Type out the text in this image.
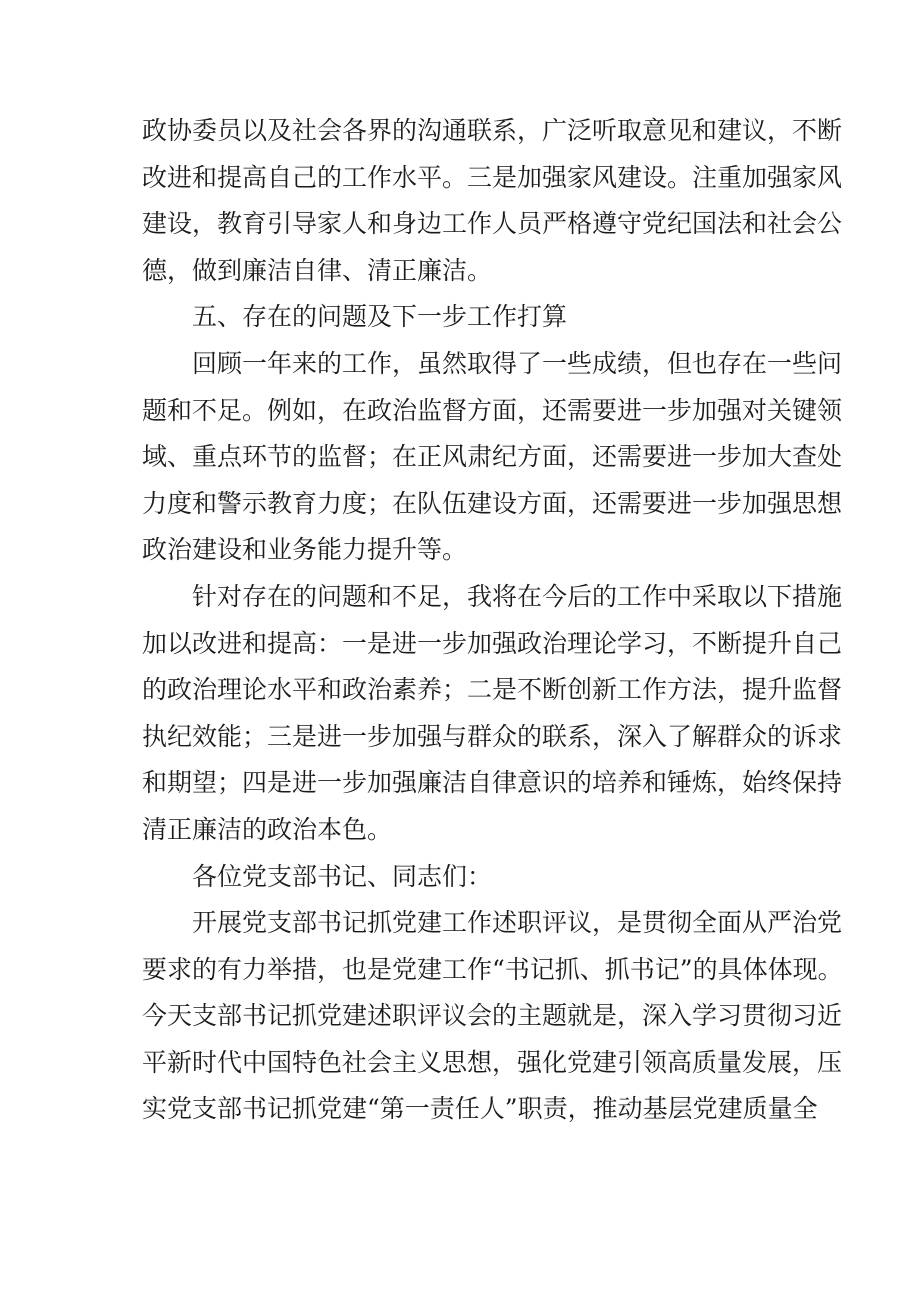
政协委员以及社会各界的沟通联系，广泛听取意见和建议，不断
改进和提高自己的工作水平。三是加强家风建设。注重加强家风
建设，教育引导家人和身边工作人员严格遵守党纪国法和社会公
德，做到廉洁自律、清正廉洁。
五、存在的问题及下一步工作打算
回顾一年来的工作，虽然取得了一些成绩，但也存在一些问
题和不足。例如，在政治监督方面，还需要进一步加强对关键领
域、重点环节的监督；在正风肃纪方面，还需要进一步加大查处
力度和警示教育力度；在队伍建设方面，还需要进一步加强思想
政治建设和业务能力提升等。
针对存在的问题和不足，我将在今后的工作中采取以下措施
加以改进和提高：一是进一步加强政治理论学习，不断提升自己
的政治理论水平和政治素养；二是不断创新工作方法，提升监督
执纪效能；三是进一步加强与群众的联系，深入了解群众的诉求
和期望；四是进一步加强廉洁自律意识的培养和锤炼，始终保持
清正廉洁的政治本色。
各位党支部书记、同志们：
开展党支部书记抓党建工作述职评议，是贯彻全面从严治党
要求的有力举措，也是党建工作“书记抓、抓书记”的具体体现。
今天支部书记抓党建述职评议会的主题就是，深入学习贯彻习近
平新时代中国特色社会主义思想，强化党建引领高质量发展，压
实党支部书记抓党建“第一责任人”职责，推动基层党建质量全
